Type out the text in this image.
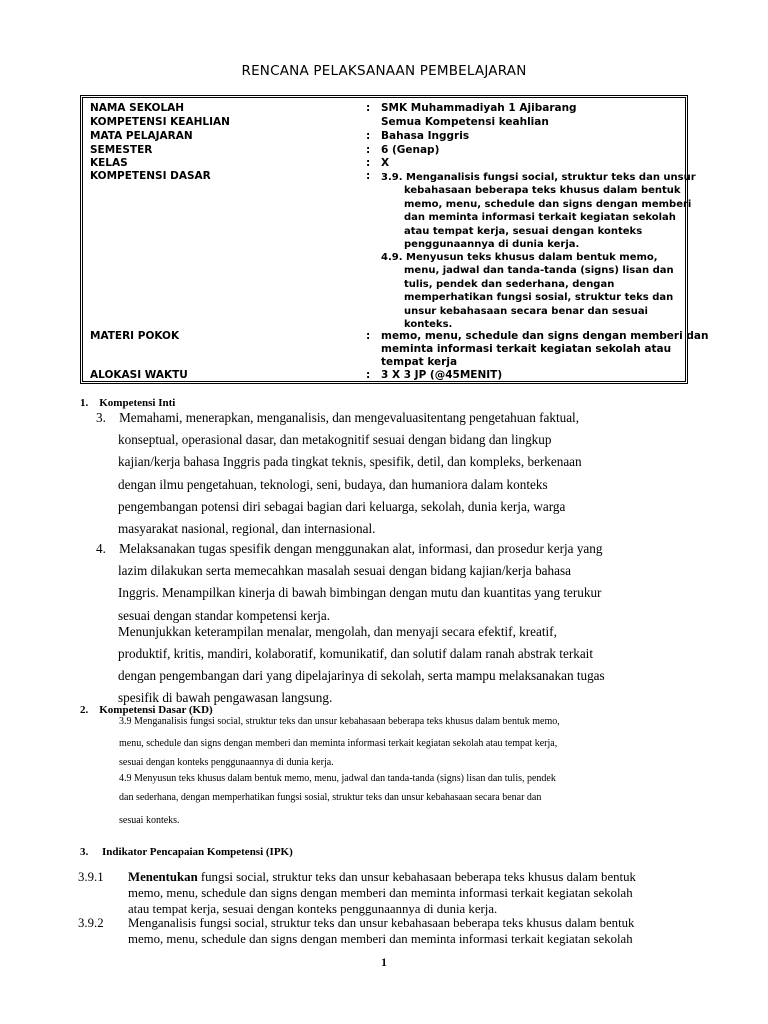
RENCANA PELAKSANAAN PEMBELAJARAN
NAMA SEKOLAH	: SMK Muhammadiyah 1 Ajibarang
KOMPETENSI KEAHLIAN	Semua Kompetensi keahlian
MATA PELAJARAN	: Bahasa Inggris
SEMESTER	: 6 (Genap)
KELAS	: X
KOMPETENSI DASAR	: 3.9. Menganalisis fungsi social, struktur teks dan unsur
kebahasaan beberapa teks khusus dalam bentuk
memo, menu, schedule dan signs dengan memberi
dan meminta informasi terkait kegiatan sekolah
atau tempat kerja, sesuai dengan konteks
penggunaannya di dunia kerja.
4.9. Menyusun teks khusus dalam bentuk memo,
menu, jadwal dan tanda-tanda (signs) lisan dan
tulis, pendek dan sederhana, dengan
memperhatikan fungsi sosial, struktur teks dan
unsur kebahasaan secara benar dan sesuai
konteks.
MATERI POKOK	: memo, menu, schedule dan signs dengan memberi dan
meminta informasi terkait kegiatan sekolah atau
tempat kerja
ALOKASI WAKTU	: 3 X 3 JP (@45MENIT)
1.    Kompetensi Inti
3.    Memahami, menerapkan, menganalisis, dan mengevaluasitentang pengetahuan faktual,
konseptual, operasional dasar, dan metakognitif sesuai dengan bidang dan lingkup
kajian/kerja bahasa Inggris pada tingkat teknis, spesifik, detil, dan kompleks, berkenaan
dengan ilmu pengetahuan, teknologi, seni, budaya, dan humaniora dalam konteks
pengembangan potensi diri sebagai bagian dari keluarga, sekolah, dunia kerja, warga
masyarakat nasional, regional, dan internasional.
4.    Melaksanakan tugas spesifik dengan menggunakan alat, informasi, dan prosedur kerja yang
lazim dilakukan serta memecahkan masalah sesuai dengan bidang kajian/kerja bahasa
Inggris. Menampilkan kinerja di bawah bimbingan dengan mutu dan kuantitas yang terukur
sesuai dengan standar kompetensi kerja.
Menunjukkan keterampilan menalar, mengolah, dan menyaji secara efektif, kreatif,
produktif, kritis, mandiri, kolaboratif, komunikatif, dan solutif dalam ranah abstrak terkait
dengan pengembangan dari yang dipelajarinya di sekolah, serta mampu melaksanakan tugas
spesifik di bawah pengawasan langsung.
2.    Kompetensi Dasar (KD)
3.9 Menganalisis fungsi social, struktur teks dan unsur kebahasaan beberapa teks khusus dalam bentuk memo,
menu, schedule dan signs dengan memberi dan meminta informasi terkait kegiatan sekolah atau tempat kerja,
sesuai dengan konteks penggunaannya di dunia kerja.
4.9 Menyusun teks khusus dalam bentuk memo, menu, jadwal dan tanda-tanda (signs) lisan dan tulis, pendek
dan sederhana, dengan memperhatikan fungsi sosial, struktur teks dan unsur kebahasaan secara benar dan
sesuai konteks.
3.     Indikator Pencapaian Kompetensi (IPK)
3.9.1 Menentukan fungsi social, struktur teks dan unsur kebahasaan beberapa teks khusus dalam bentuk
memo, menu, schedule dan signs dengan memberi dan meminta informasi terkait kegiatan sekolah
atau tempat kerja, sesuai dengan konteks penggunaannya di dunia kerja.
3.9.2 Menganalisis fungsi social, struktur teks dan unsur kebahasaan beberapa teks khusus dalam bentuk
memo, menu, schedule dan signs dengan memberi dan meminta informasi terkait kegiatan sekolah
1
